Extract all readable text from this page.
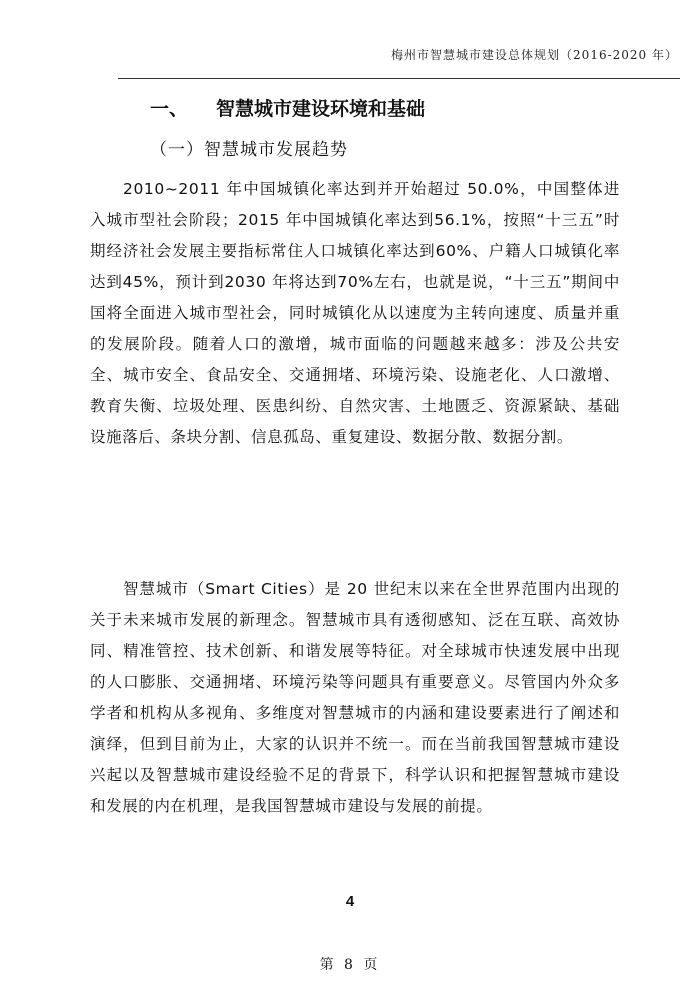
梅州市智慧城市建设总体规划（2016-2020 年）
一、 智慧城市建设环境和基础
（一）智慧城市发展趋势

2010~2011 年中国城镇化率达到并开始超过 50.0%，中国整体进入城市型社会阶段；2015 年中国城镇化率达到56.1%，按照“十三五”时期经济社会发展主要指标常住人口城镇化率达到60%、户籍人口城镇化率达到45%，预计到2030 年将达到70%左右，也就是说，“十三五”期间中国将全面进入城市型社会，同时城镇化从以速度为主转向速度、质量并重的发展阶段。随着人口的激增，城市面临的问题越来越多：涉及公共安全、城市安全、食品安全、交通拥堵、环境污染、设施老化、人口激增、教育失衡、垃圾处理、医患纠纷、自然灾害、土地匮乏、资源紧缺、基础设施落后、条块分割、信息孤岛、重复建设、数据分散、数据分割。

智慧城市（Smart Cities）是 20 世纪末以来在全世界范围内出现的关于未来城市发展的新理念。智慧城市具有透彻感知、泛在互联、高效协同、精准管控、技术创新、和谐发展等特征。对全球城市快速发展中出现的人口膨胀、交通拥堵、环境污染等问题具有重要意义。尽管国内外众多学者和机构从多视角、多维度对智慧城市的内涵和建设要素进行了阐述和演绎，但到目前为止，大家的认识并不统一。而在当前我国智慧城市建设兴起以及智慧城市建设经验不足的背景下，科学认识和把握智慧城市建设和发展的内在机理，是我国智慧城市建设与发展的前提。

4
第 8 页
